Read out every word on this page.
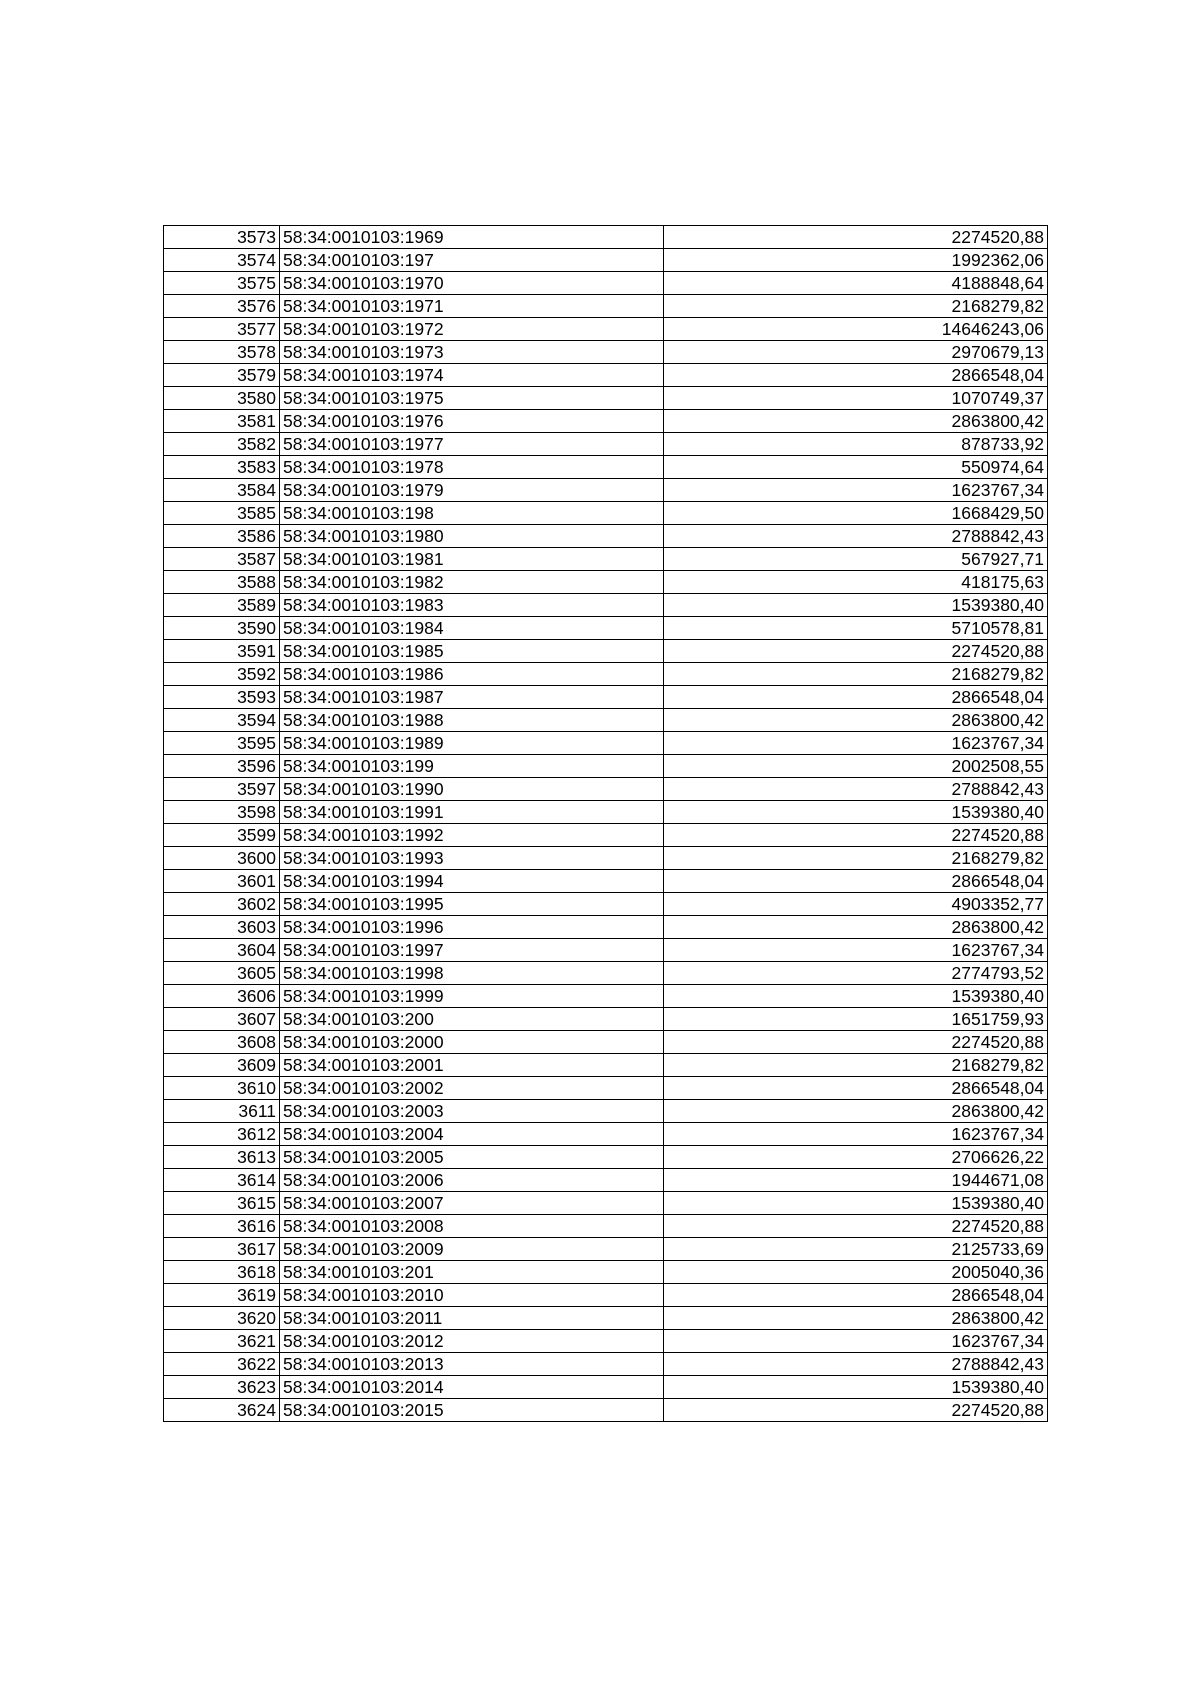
3573	58:34:0010103:1969	2274520,88
3574	58:34:0010103:197	1992362,06
3575	58:34:0010103:1970	4188848,64
3576	58:34:0010103:1971	2168279,82
3577	58:34:0010103:1972	14646243,06
3578	58:34:0010103:1973	2970679,13
3579	58:34:0010103:1974	2866548,04
3580	58:34:0010103:1975	1070749,37
3581	58:34:0010103:1976	2863800,42
3582	58:34:0010103:1977	878733,92
3583	58:34:0010103:1978	550974,64
3584	58:34:0010103:1979	1623767,34
3585	58:34:0010103:198	1668429,50
3586	58:34:0010103:1980	2788842,43
3587	58:34:0010103:1981	567927,71
3588	58:34:0010103:1982	418175,63
3589	58:34:0010103:1983	1539380,40
3590	58:34:0010103:1984	5710578,81
3591	58:34:0010103:1985	2274520,88
3592	58:34:0010103:1986	2168279,82
3593	58:34:0010103:1987	2866548,04
3594	58:34:0010103:1988	2863800,42
3595	58:34:0010103:1989	1623767,34
3596	58:34:0010103:199	2002508,55
3597	58:34:0010103:1990	2788842,43
3598	58:34:0010103:1991	1539380,40
3599	58:34:0010103:1992	2274520,88
3600	58:34:0010103:1993	2168279,82
3601	58:34:0010103:1994	2866548,04
3602	58:34:0010103:1995	4903352,77
3603	58:34:0010103:1996	2863800,42
3604	58:34:0010103:1997	1623767,34
3605	58:34:0010103:1998	2774793,52
3606	58:34:0010103:1999	1539380,40
3607	58:34:0010103:200	1651759,93
3608	58:34:0010103:2000	2274520,88
3609	58:34:0010103:2001	2168279,82
3610	58:34:0010103:2002	2866548,04
3611	58:34:0010103:2003	2863800,42
3612	58:34:0010103:2004	1623767,34
3613	58:34:0010103:2005	2706626,22
3614	58:34:0010103:2006	1944671,08
3615	58:34:0010103:2007	1539380,40
3616	58:34:0010103:2008	2274520,88
3617	58:34:0010103:2009	2125733,69
3618	58:34:0010103:201	2005040,36
3619	58:34:0010103:2010	2866548,04
3620	58:34:0010103:2011	2863800,42
3621	58:34:0010103:2012	1623767,34
3622	58:34:0010103:2013	2788842,43
3623	58:34:0010103:2014	1539380,40
3624	58:34:0010103:2015	2274520,88
